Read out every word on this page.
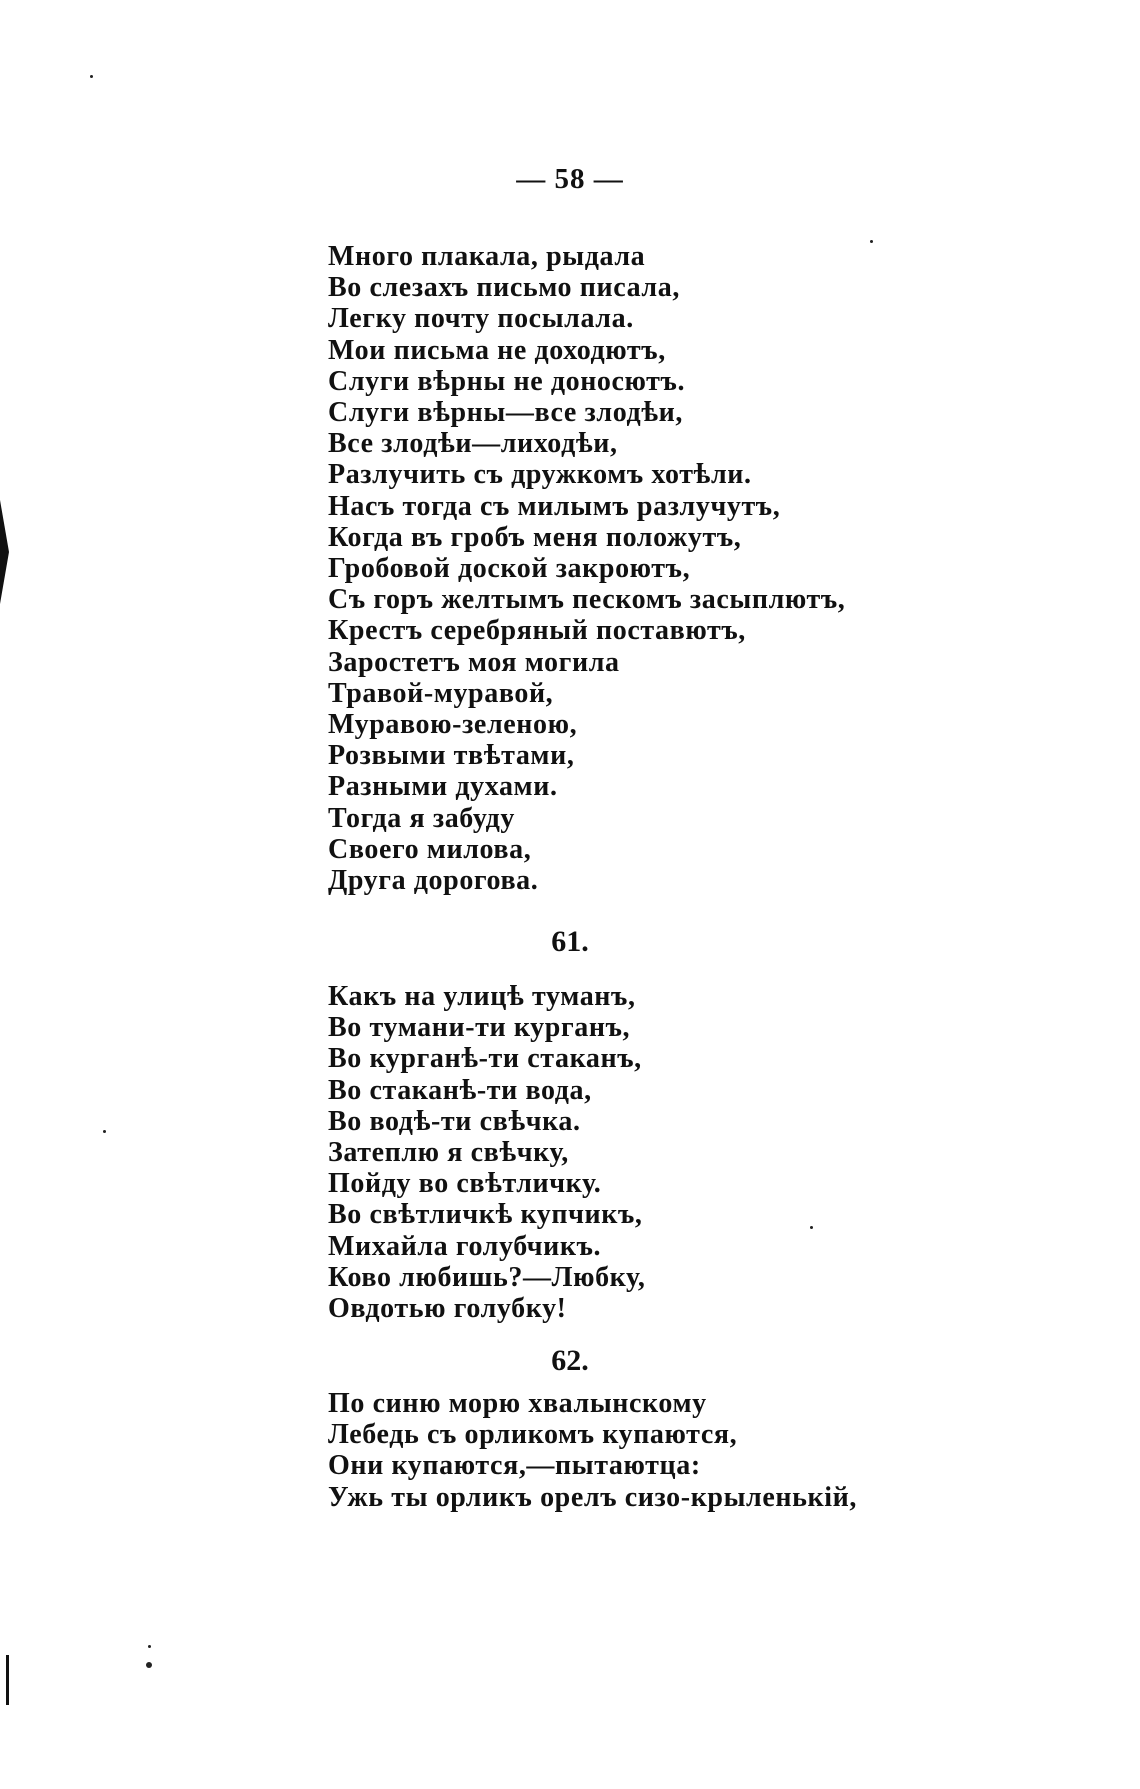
— 58 —
Много плакала, рыдала
Во слезахъ письмо писала,
Легку почту посылала.
Мои письма не доходютъ,
Слуги вѣрны не доносютъ.
Слуги вѣрны—все злодѣи,
Все злодѣи—лиходѣи,
Разлучить съ дружкомъ хотѣли.
Насъ тогда съ милымъ разлучутъ,
Когда въ гробъ меня положутъ,
Гробовой доской закроютъ,
Съ горъ желтымъ пескомъ засыплютъ,
Крестъ серебряный поставютъ,
Заростетъ моя могила
Травой-муравой,
Муравою-зеленою,
Розвыми твѣтами,
Разными духами.
Тогда я забуду
Своего милова,
Друга дорогова.
61.
Какъ на улицѣ туманъ,
Во тумани-ти курганъ,
Во курганѣ-ти стаканъ,
Во стаканѣ-ти вода,
Во водѣ-ти свѣчка.
Затеплю я свѣчку,
Пойду во свѣтличку.
Во свѣтличкѣ купчикъ,
Михайла голубчикъ.
Ково любишь?—Любку,
Овдотью голубку!
62.
По синю морю хвалынскому
Лебедь съ орликомъ купаются,
Они купаются,—пытаютца:
Ужь ты орликъ орелъ сизо-крыленькій,
